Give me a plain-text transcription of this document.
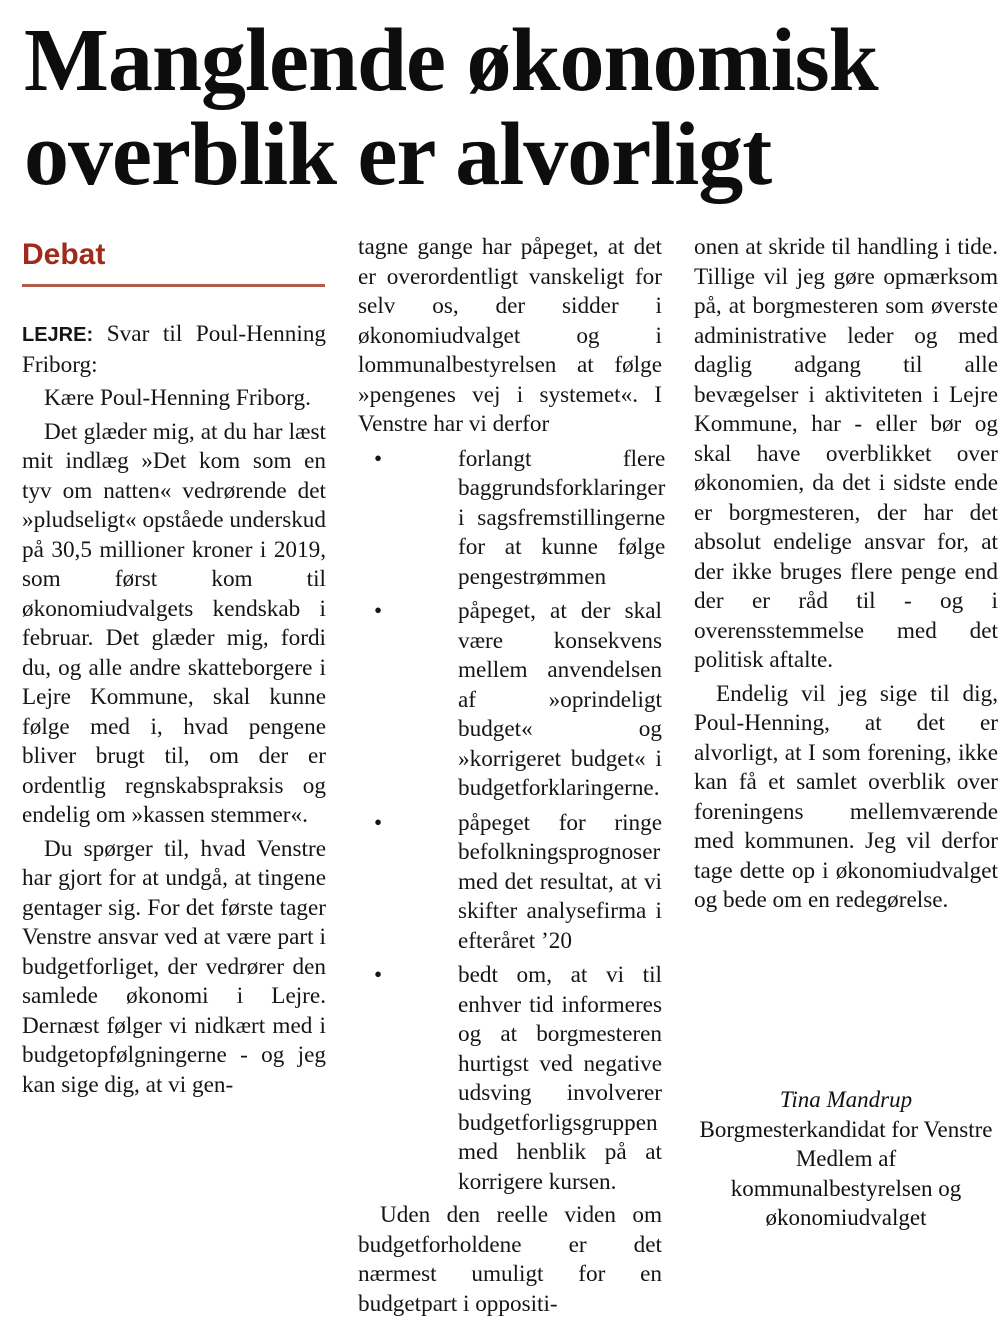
Manglende økonomisk
overblik er alvorligt
Debat

LEJRE: Svar til Poul-Henning Friborg:

Kære Poul-Henning Friborg.

Det glæder mig, at du har læst mit indlæg »Det kom som en tyv om natten« vedrørende det »pludseligt« opståede underskud på 30,5 millioner kroner i 2019, som først kom til økonomiudvalgets kendskab i februar. Det glæder mig, fordi du, og alle andre skatteborgere i Lejre Kommune, skal kunne følge med i, hvad pengene bliver brugt til, om der er ordentlig regnskabspraksis og endelig om »kassen stemmer«.

Du spørger til, hvad Venstre har gjort for at undgå, at tingene gentager sig. For det første tager Venstre ansvar ved at være part i budgetforliget, der vedrører den samlede økonomi i Lejre. Dernæst følger vi nidkært med i budgetopfølgningerne - og jeg kan sige dig, at vi gen-

tagne gange har påpeget, at det er overordentligt vanskeligt for selv os, der sidder i økonomiudvalget og i lommunalbestyrelsen at følge »pengenes vej i systemet«. I Venstre har vi derfor

•	forlangt flere baggrundsforklaringer i sagsfremstillingerne for at kunne følge pengestrømmen
•	påpeget, at der skal være konsekvens mellem anvendelsen af »oprindeligt budget« og »korrigeret budget« i budgetforklaringerne.
•	påpeget for ringe befolkningsprognoser med det resultat, at vi skifter analysefirma i efteråret ’20
•	bedt om, at vi til enhver tid informeres og at borgmesteren hurtigst ved negative udsving involverer budgetforligsgruppen med henblik på at korrigere kursen.

Uden den reelle viden om budgetforholdene er det nærmest umuligt for en budgetpart i oppositi-

onen at skride til handling i tide. Tillige vil jeg gøre opmærksom på, at borgmesteren som øverste administrative leder og med daglig adgang til alle bevægelser i aktiviteten i Lejre Kommune, har - eller bør og skal have overblikket over økonomien, da det i sidste ende er borgmesteren, der har det absolut endelige ansvar for, at der ikke bruges flere penge end der er råd til - og i overensstemmelse med det politisk aftalte.

Endelig vil jeg sige til dig, Poul-Henning, at det er alvorligt, at I som forening, ikke kan få et samlet overblik over foreningens mellemværende med kommunen. Jeg vil derfor tage dette op i økonomiudvalget og bede om en redegørelse.

Tina Mandrup
Borgmesterkandidat for Venstre
Medlem af kommunalbestyrelsen og økonomiudvalget
